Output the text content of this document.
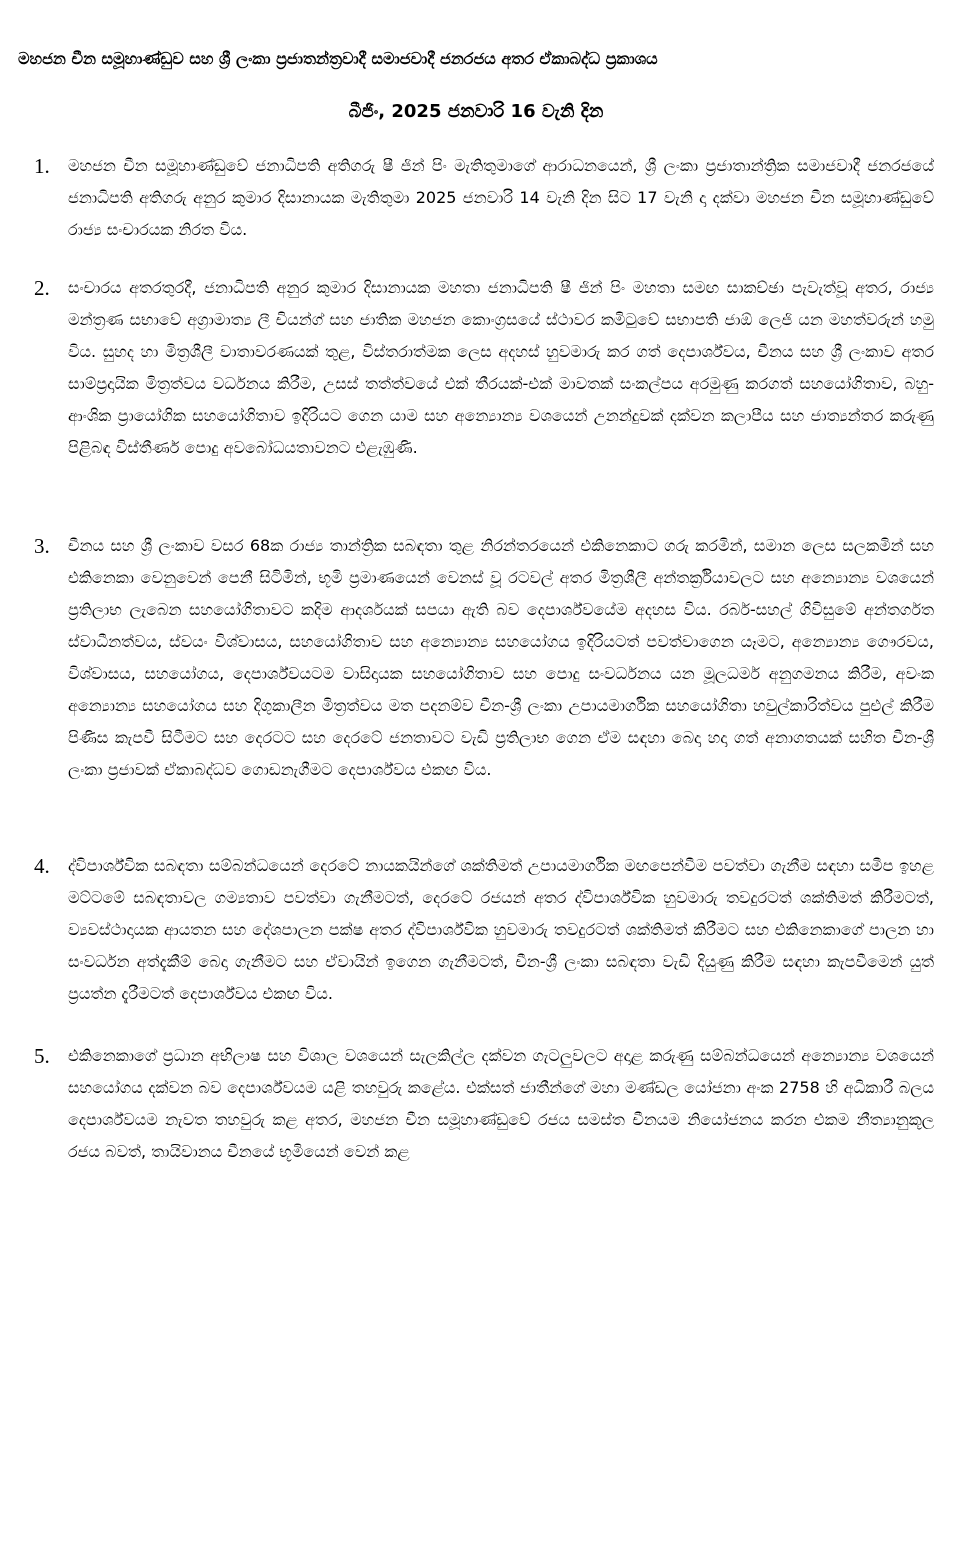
මහජන චීන සමූහාණ්ඩුව සහ ශ්‍රී ලංකා ප්‍රජාතන්ත්‍රවාදී සමාජවාදී ජනරජය අතර ඒකාබද්ධ ප්‍රකාශය
බීජිං, 2025 ජනවාරි 16 වැනි දින
1. මහජන චීන සමූහාණ්ඩුවේ ජනාධිපති අතිගරු ෂී ජින් පිං මැතිතුමාගේ ආරාධනයෙන්, ශ්‍රී ලංකා ප්‍රජාතාන්ත්‍රික සමාජවාදී ජනරජයේ ජනාධිපති අතිගරු අනුර කුමාර දිසානායක මැතිතුමා 2025 ජනවාරි 14 වැනි දින සිට 17 වැනි දා දක්වා මහජන චීන සමූහාණ්ඩුවේ රාජ්‍ය සංචාරයක නිරත විය.
2. සංචාරය අතරතුරදී, ජනාධිපති අනුර කුමාර දිසානායක මහතා ජනාධිපති ෂී ජින් පිං මහතා සමඟ සාකච්ඡා පැවැත්වූ අතර, රාජ්‍ය මන්ත්‍රණ සභාවේ අග්‍රාමාත්‍ය ලී චියන්ග් සහ ජාතික මහජන කොංග්‍රසයේ ස්ථාවර කමිටුවේ සභාපති ජාඕ ලෙජි යන මහත්වරුන් හමු විය. සුහද හා මිත්‍රශීලී වාතාවරණයක් තුළ, විස්තරාත්මක ලෙස අදහස් හුවමාරු කර ගත් දෙපාර්ශ්වය, චීනය සහ ශ්‍රී ලංකාව අතර සාම්ප්‍රදායික මිත්‍රත්වය වර්ධනය කිරීම, උසස් තත්ත්වයේ එක් තීරයක්-එක් මාවතක් සංකල්පය අරමුණු කරගත් සහයෝගිතාව, බහු-ආංශික ප්‍රායෝගික සහයෝගිතාව ඉදිරියට ගෙන යාම සහ අන්‍යොන්‍ය වශයෙන් උනන්දුවක් දක්වන කලාපීය සහ ජාත්‍යන්තර කරුණු පිළිබඳ විස්තීර්ණ පොදු අවබෝධයතාවනට එළැඹුණි.
3. චීනය සහ ශ්‍රී ලංකාව වසර 68ක රාජ්‍ය තාන්ත්‍රික සබඳතා තුළ නිරන්තරයෙන් එකිනෙකාට ගරු කරමින්, සමාන ලෙස සලකමින් සහ එකිනෙකා වෙනුවෙන් පෙනී සිටිමින්, භූමි ප්‍රමාණයෙන් වෙනස් වූ රටවල් අතර මිත්‍රශීලී අන්තර්ක්‍රියාවලට සහ අන්‍යොන්‍ය වශයෙන් ප්‍රතිලාභ ලැබෙන සහයෝගිතාවට කදිම ආදර්ශයක් සපයා ඇති බව දෙපාර්ශ්වයේම අදහස විය. රබර්-සහල් ගිවිසුමේ අන්තර්ගත ස්වාධීනත්වය, ස්වයං විශ්වාසය, සහයෝගිතාව සහ අන්‍යොන්‍ය සහයෝගය ඉදිරියටත් පවත්වාගෙන යෑමට, අන්‍යොන්‍ය ගෞරවය, විශ්වාසය, සහයෝගය, දෙපාර්ශ්වයටම වාසිදායක සහයෝගිතාව සහ පොදු සංවර්ධනය යන මූලධර්ම අනුගමනය කිරීම, අවංක අන්‍යොන්‍ය සහයෝගය සහ දිගුකාලීන මිත්‍රත්වය මත පදනම්ව චීන-ශ්‍රී ලංකා උපායමාර්ගික සහයෝගිතා හවුල්කාරිත්වය පුළුල් කිරීම පිණිස කැපවී සිටීමට සහ දෙරටට සහ දෙරටේ ජනතාවට වැඩි ප්‍රතිලාභ ගෙන ඒම සඳහා බෙදා හදා ගත් අනාගතයක් සහිත චීන-ශ්‍රී ලංකා ප්‍රජාවක් ඒකාබද්ධව ගොඩනැගීමට දෙපාර්ශ්වය එකඟ විය.
4. ද්විපාර්ශ්වික සබඳතා සම්බන්ධයෙන් දෙරටේ නායකයින්ගේ ශක්තිමත් උපායමාර්ගික මඟපෙන්වීම පවත්වා ගැනීම සඳහා සමීප ඉහළ මට්ටමේ සබඳතාවල ගම්‍යතාව පවත්වා ගැනීමටත්, දෙරටේ රජයන් අතර ද්විපාර්ශ්වික හුවමාරු තවදුරටත් ශක්තිමත් කිරීමටත්, ව්‍යවස්ථාදායක ආයතන සහ දේශපාලන පක්ෂ අතර ද්විපාර්ශ්වික හුවමාරු තවදුරටත් ශක්තිමත් කිරීමට සහ එකිනෙකාගේ පාලන හා සංවර්ධන අත්දැකීම් බෙදා ගැනීමට සහ ඒවායින් ඉගෙන ගැනීමටත්, චීන-ශ්‍රී ලංකා සබඳතා වැඩි දියුණු කිරීම සඳහා කැපවීමෙන් යුත් ප්‍රයත්න දැරීමටත් දෙපාර්ශ්වය එකඟ විය.
5. එකිනෙකාගේ ප්‍රධාන අභිලාෂ සහ විශාල වශයෙන් සැලකිල්ල දක්වන ගැටලුවලට අදාළ කරුණු සම්බන්ධයෙන් අන්‍යොන්‍ය වශයෙන් සහයෝගය දක්වන බව දෙපාර්ශ්වයම යළි තහවුරු කළේය. එක්සත් ජාතීන්ගේ මහා මණ්ඩල යෝජනා අංක 2758 හි අධිකාරී බලය දෙපාර්ශ්වයම නැවත තහවුරු කළ අතර, මහජන චීන සමූහාණ්ඩුවේ රජය සමස්ත චීනයම නියෝජනය කරන එකම නීත්‍යානුකූල රජය බවත්, තායිවානය චීනයේ භූමියෙන් වෙන් කළ
